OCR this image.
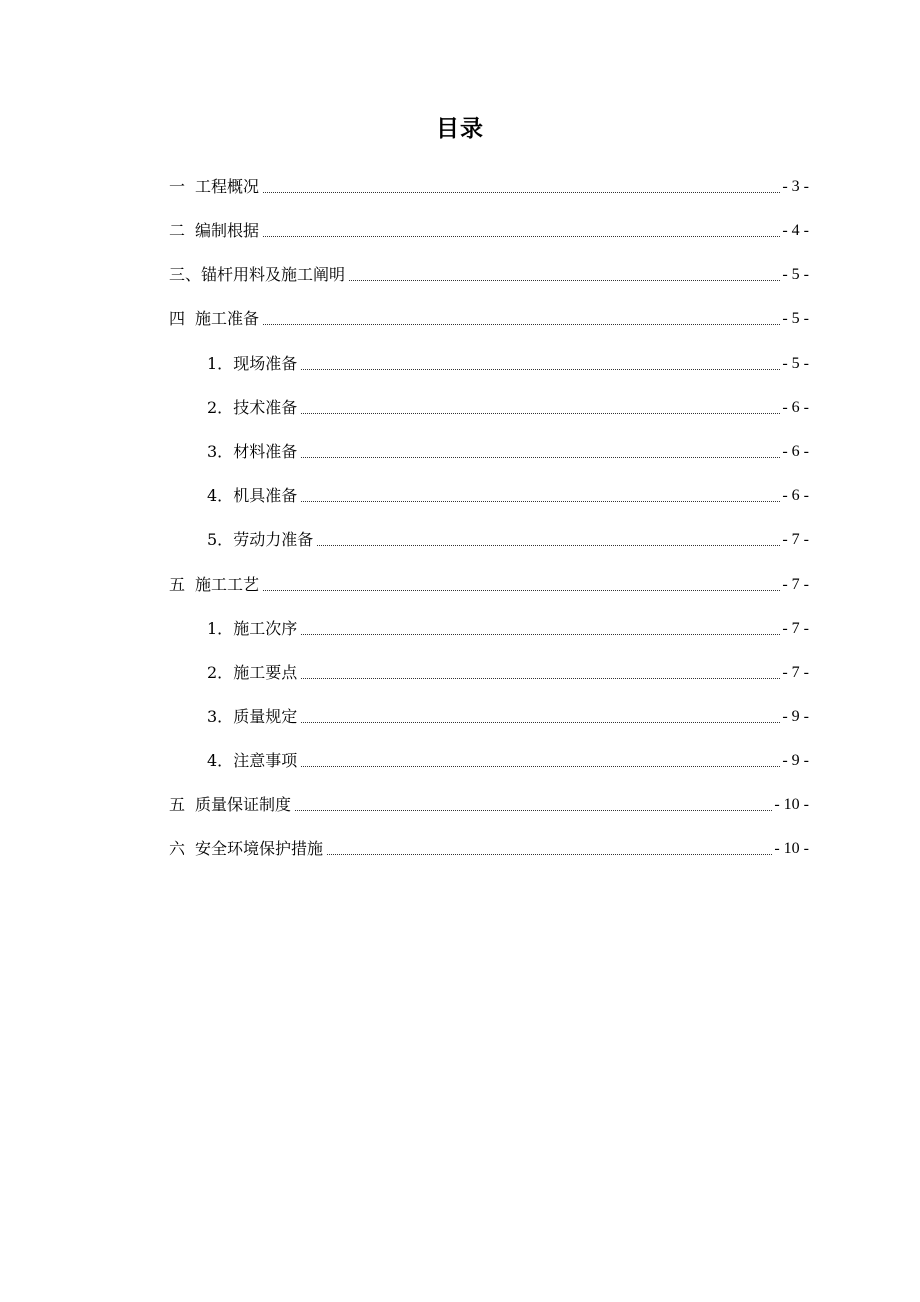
目录
一 工程概况	- 3 -
二 编制根据	- 4 -
三、锚杆用料及施工阐明	- 5 -
四 施工准备	- 5 -
1．现场准备	- 5 -
2．技术准备	- 6 -
3．材料准备	- 6 -
4．机具准备	- 6 -
5．劳动力准备	- 7 -
五 施工工艺	- 7 -
1．施工次序	- 7 -
2．施工要点	- 7 -
3．质量规定	- 9 -
4．注意事项	- 9 -
五 质量保证制度	- 10 -
六 安全环境保护措施	- 10 -
